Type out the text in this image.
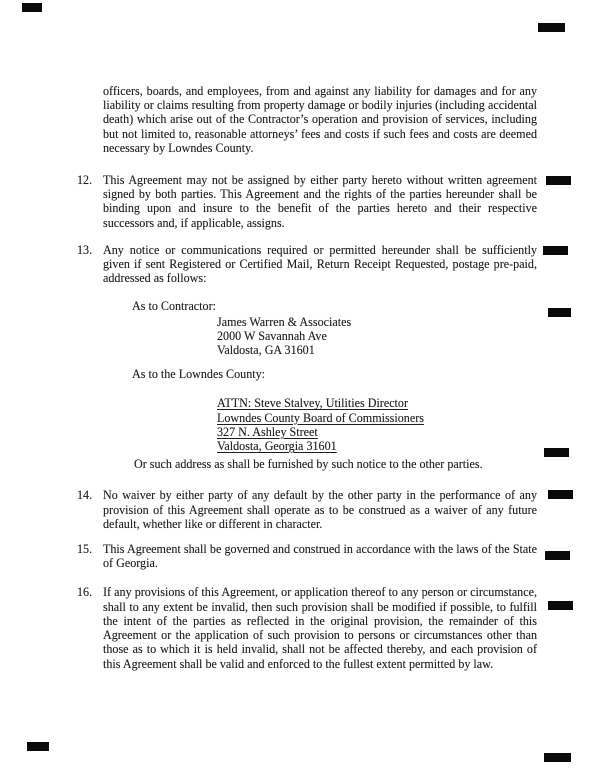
officers, boards, and employees, from and against any liability for damages and for any liability or claims resulting from property damage or bodily injuries (including accidental death) which arise out of the Contractor’s operation and provision of services, including but not limited to, reasonable attorneys’ fees and costs if such fees and costs are deemed necessary by Lowndes County.

12. This Agreement may not be assigned by either party hereto without written agreement signed by both parties. This Agreement and the rights of the parties hereunder shall be binding upon and insure to the benefit of the parties hereto and their respective successors and, if applicable, assigns.

13. Any notice or communications required or permitted hereunder shall be sufficiently given if sent Registered or Certified Mail, Return Receipt Requested, postage pre-paid, addressed as follows:

As to Contractor:

James Warren & Associates

2000 W Savannah Ave

Valdosta, GA 31601

As to the Lowndes County:

ATTN: Steve Stalvey, Utilities Director

Lowndes County Board of Commissioners

327 N. Ashley Street

Valdosta, Georgia 31601

Or such address as shall be furnished by such notice to the other parties.

14. No waiver by either party of any default by the other party in the performance of any provision of this Agreement shall operate as to be construed as a waiver of any future default, whether like or different in character.

15. This Agreement shall be governed and construed in accordance with the laws of the State of Georgia.

16. If any provisions of this Agreement, or application thereof to any person or circumstance, shall to any extent be invalid, then such provision shall be modified if possible, to fulfill the intent of the parties as reflected in the original provision, the remainder of this Agreement or the application of such provision to persons or circumstances other than those as to which it is held invalid, shall not be affected thereby, and each provision of this Agreement shall be valid and enforced to the fullest extent permitted by law.
